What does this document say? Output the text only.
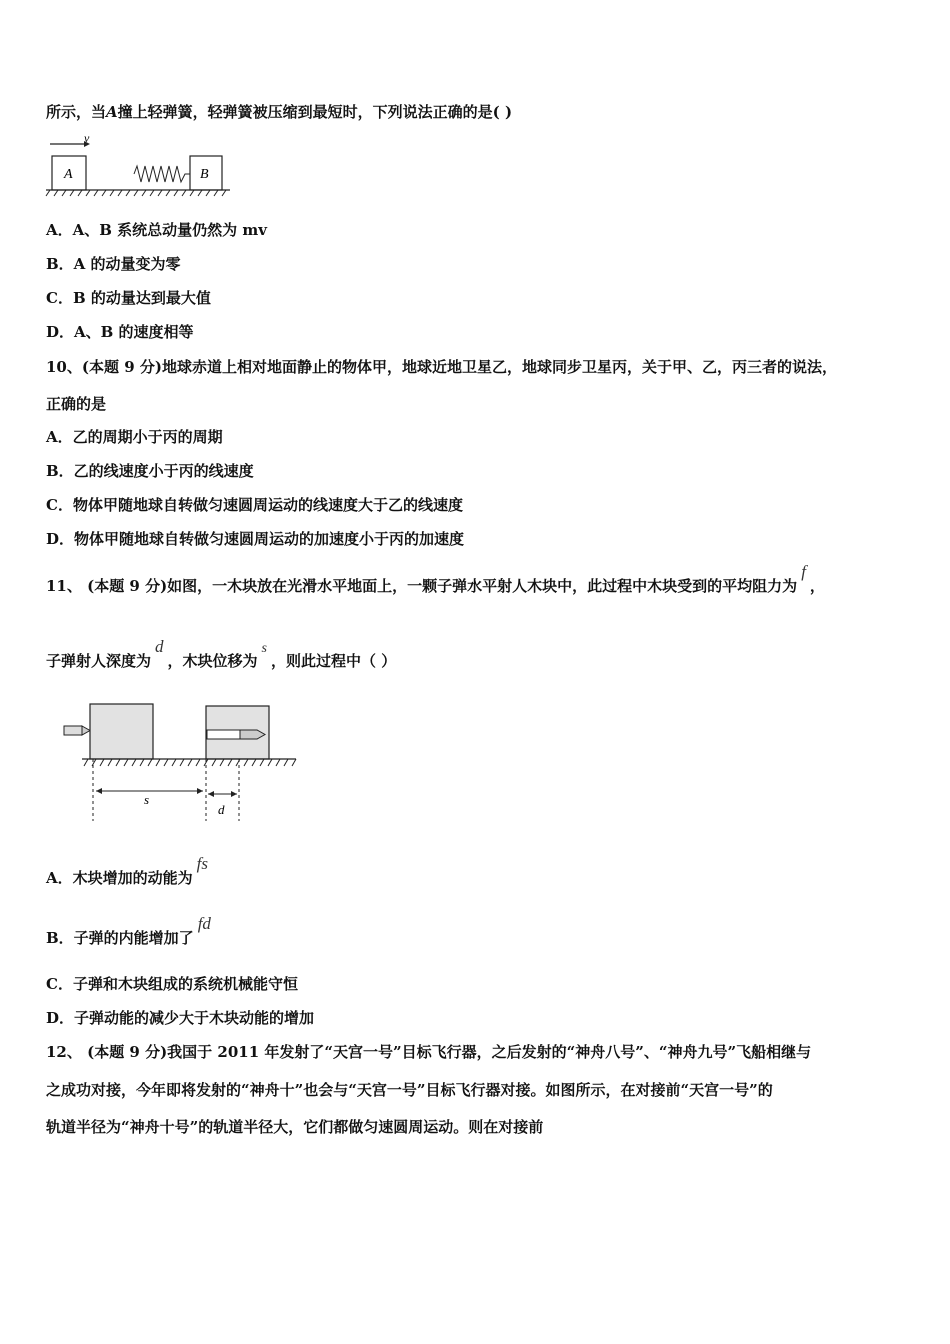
所示，当A撞上轻弹簧，轻弹簧被压缩到最短时，下列说法正确的是( )
v
A	B
A．A、B 系统总动量仍然为 mv
B．A 的动量变为零
C．B 的动量达到最大值
D．A、B 的速度相等
10、(本题 9 分)地球赤道上相对地面静止的物体甲，地球近地卫星乙，地球同步卫星丙，关于甲、乙，丙三者的说法，
正确的是
A．乙的周期小于丙的周期
B．乙的线速度小于丙的线速度
C．物体甲随地球自转做匀速圆周运动的线速度大于乙的线速度
D．物体甲随地球自转做匀速圆周运动的加速度小于丙的加速度
11、 (本题 9 分)如图，一木块放在光滑水平地面上，一颗子弹水平射人木块中，此过程中木块受到的平均阻力为f，
子弹射人深度为d，木块位移为s，则此过程中（ ）
s
d
A．木块增加的动能为fs
B．子弹的内能增加了fd
C．子弹和木块组成的系统机械能守恒
D．子弹动能的减少大于木块动能的增加
12、 (本题 9 分)我国于 2011 年发射了“天宫一号”目标飞行器，之后发射的“神舟八号”、“神舟九号”飞船相继与
之成功对接，今年即将发射的“神舟十”也会与“天宫一号”目标飞行器对接。如图所示，在对接前“天宫一号”的
轨道半径为“神舟十号”的轨道半径大，它们都做匀速圆周运动。则在对接前
